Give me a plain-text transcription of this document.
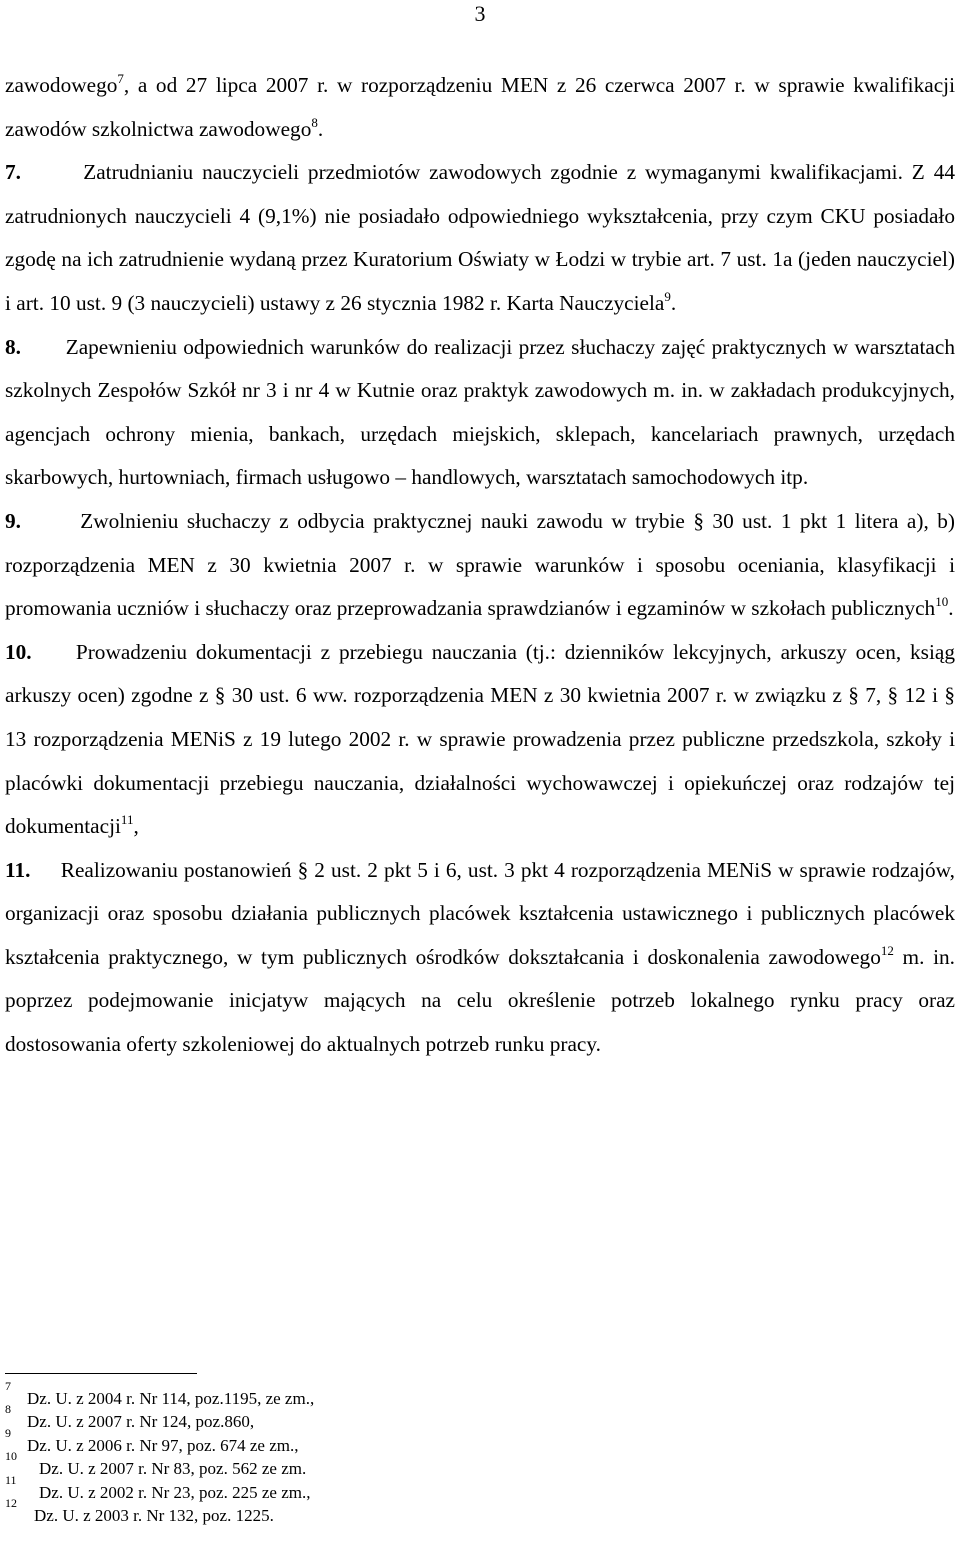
3

zawodowego$^7$, a od 27 lipca 2007 r. w rozporządzeniu MEN z 26 czerwca 2007 r. w sprawie kwalifikacji zawodów szkolnictwa zawodowego$^8$.

7.	Zatrudnianiu nauczycieli przedmiotów zawodowych zgodnie z wymaganymi kwalifikacjami. Z 44 zatrudnionych nauczycieli 4 (9,1%) nie posiadało odpowiedniego wykształcenia, przy czym CKU posiadało zgodę na ich zatrudnienie wydaną przez Kuratorium Oświaty w Łodzi w trybie art. 7 ust. 1a (jeden nauczyciel) i art. 10 ust. 9 (3 nauczycieli) ustawy z 26 stycznia 1982 r. Karta Nauczyciela$^9$.

8. Zapewnieniu odpowiednich warunków do realizacji przez słuchaczy zajęć praktycznych w warsztatach szkolnych Zespołów Szkół nr 3 i nr 4 w Kutnie oraz praktyk zawodowych m. in. w zakładach produkcyjnych, agencjach ochrony mienia, bankach, urzędach miejskich, sklepach, kancelariach prawnych, urzędach skarbowych, hurtowniach, firmach usługowo – handlowych, warsztatach samochodowych itp.

9.	Zwolnieniu słuchaczy z odbycia praktycznej nauki zawodu w trybie § 30 ust. 1 pkt 1 litera a), b) rozporządzenia MEN z 30 kwietnia 2007 r. w sprawie warunków i sposobu oceniania, klasyfikacji i promowania uczniów i słuchaczy oraz przeprowadzania sprawdzianów i egzaminów w szkołach publicznych$^{10}$.

10. Prowadzeniu dokumentacji z przebiegu nauczania (tj.: dzienników lekcyjnych, arkuszy ocen, ksiąg arkuszy ocen) zgodne z § 30 ust. 6 ww. rozporządzenia MEN z 30 kwietnia 2007 r. w związku z § 7, § 12 i § 13 rozporządzenia MENiS z 19 lutego 2002 r. w sprawie prowadzenia przez publiczne przedszkola, szkoły i placówki dokumentacji przebiegu nauczania, działalności wychowawczej i opiekuńczej oraz rodzajów tej dokumentacji$^{11}$,

11. Realizowaniu postanowień § 2 ust. 2 pkt 5 i 6, ust. 3 pkt 4 rozporządzenia MENiS w sprawie rodzajów, organizacji oraz sposobu działania publicznych placówek kształcenia ustawicznego i publicznych placówek kształcenia praktycznego, w tym publicznych ośrodków dokształcania i doskonalenia zawodowego$^{12}$ m. in. poprzez podejmowanie inicjatyw mających na celu określenie potrzeb lokalnego rynku pracy oraz dostosowania oferty szkoleniowej do aktualnych potrzeb runku pracy.

7
Dz. U. z 2004 r. Nr 114, poz.1195, ze zm.,
8
Dz. U. z 2007 r. Nr 124, poz.860,
9
Dz. U. z 2006 r. Nr 97, poz. 674 ze zm.,
10
Dz. U. z 2007 r. Nr 83, poz. 562 ze zm.
11
Dz. U. z 2002 r. Nr 23, poz. 225 ze zm.,
12
Dz. U. z 2003 r. Nr 132, poz. 1225.
